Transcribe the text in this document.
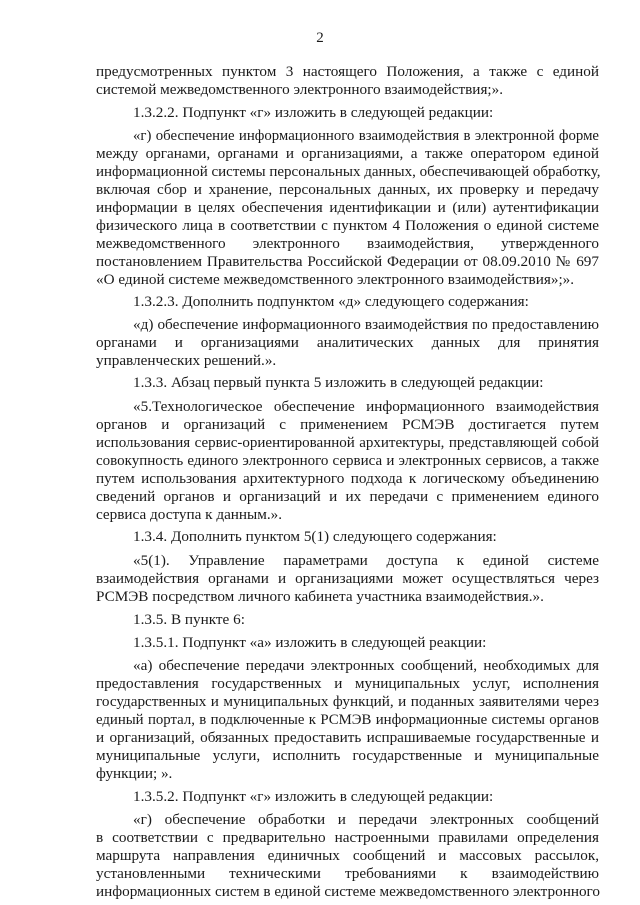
2
предусмотренных пунктом 3 настоящего Положения, а также с единой
системой межведомственного электронного взаимодействия;».
1.3.2.2. Подпункт «г» изложить в следующей редакции:
«г) обеспечение информационного взаимодействия в электронной форме
между органами, органами и организациями, а также оператором единой
информационной системы персональных данных, обеспечивающей обработку,
включая сбор и хранение, персональных данных, их проверку и передачу
информации в целях обеспечения идентификации и (или) аутентификации
физического лица в соответствии с пунктом 4 Положения о единой системе
межведомственного электронного взаимодействия, утвержденного
постановлением Правительства Российской Федерации от 08.09.2010 № 697
«О единой системе межведомственного электронного взаимодействия»;».
1.3.2.3. Дополнить подпунктом «д» следующего содержания:
«д) обеспечение информационного взаимодействия по предоставлению
органами и организациями аналитических данных для принятия
управленческих решений.».
1.3.3. Абзац первый пункта 5 изложить в следующей редакции:
«5.Технологическое обеспечение информационного взаимодействия
органов и организаций с применением РСМЭВ достигается путем
использования сервис-ориентированной архитектуры, представляющей собой
совокупность единого электронного сервиса и электронных сервисов, а также
путем использования архитектурного подхода к логическому объединению
сведений органов и организаций и их передачи с применением единого
сервиса доступа к данным.».
1.3.4. Дополнить пунктом 5(1) следующего содержания:
«5(1). Управление параметрами доступа к единой системе
взаимодействия органами и организациями может осуществляться через
РСМЭВ посредством личного кабинета участника взаимодействия.».
1.3.5. В пункте 6:
1.3.5.1. Подпункт «а» изложить в следующей реакции:
«а) обеспечение передачи электронных сообщений, необходимых для
предоставления государственных и муниципальных услуг, исполнения
государственных и муниципальных функций, и поданных заявителями через
единый портал, в подключенные к РСМЭВ информационные системы органов
и организаций, обязанных предоставить испрашиваемые государственные и
муниципальные услуги, исполнить государственные и муниципальные
функции; ».
1.3.5.2. Подпункт «г» изложить в следующей редакции:
«г) обеспечение обработки и передачи электронных сообщений
в соответствии с предварительно настроенными правилами определения
маршрута направления единичных сообщений и массовых рассылок,
установленными техническими требованиями к взаимодействию
информационных систем в единой системе межведомственного электронного
